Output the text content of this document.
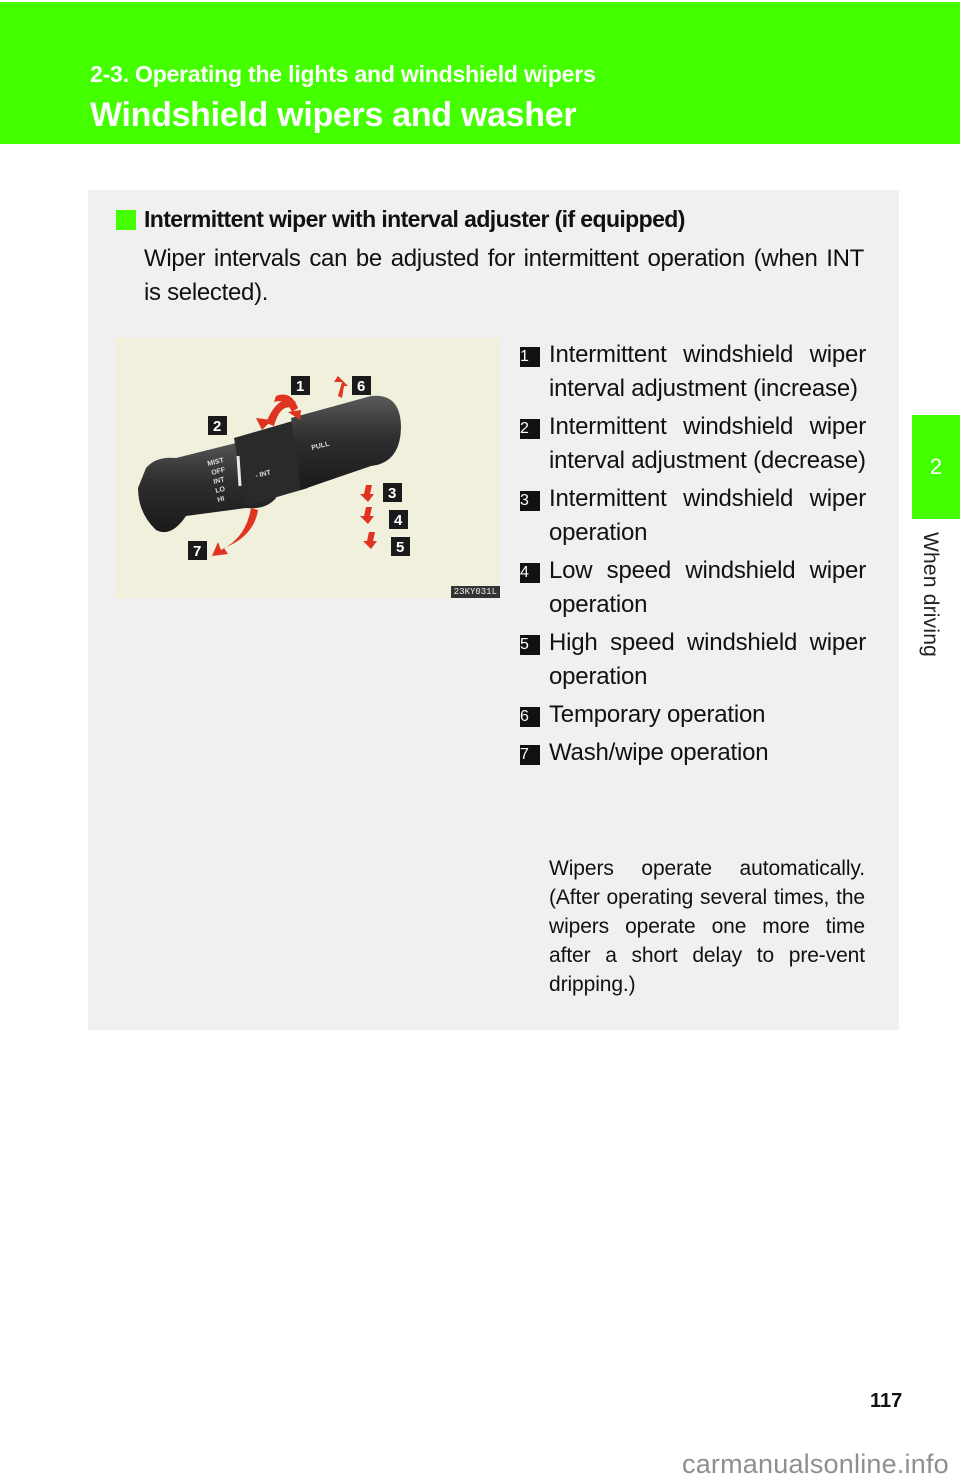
2-3. Operating the lights and windshield wipers
Windshield wipers and washer
2
When driving
Intermittent wiper with interval adjuster (if equipped)
Wiper intervals can be adjusted for intermittent operation (when INT is selected).
MIST
OFF
INT
LO
HI
- INT
PULL
1
2
3
4
5
6
7
23KY031L
1 Intermittent windshield wiper interval adjustment (increase)
2 Intermittent windshield wiper interval adjustment (decrease)
3 Intermittent windshield wiper operation
4 Low speed windshield wiper operation
5 High speed windshield wiper operation
6 Temporary operation
7 Wash/wipe operation
Wipers operate automatically. (After operating several times, the wipers operate one more time after a short delay to pre-vent dripping.)
117
carmanualsonline.info
